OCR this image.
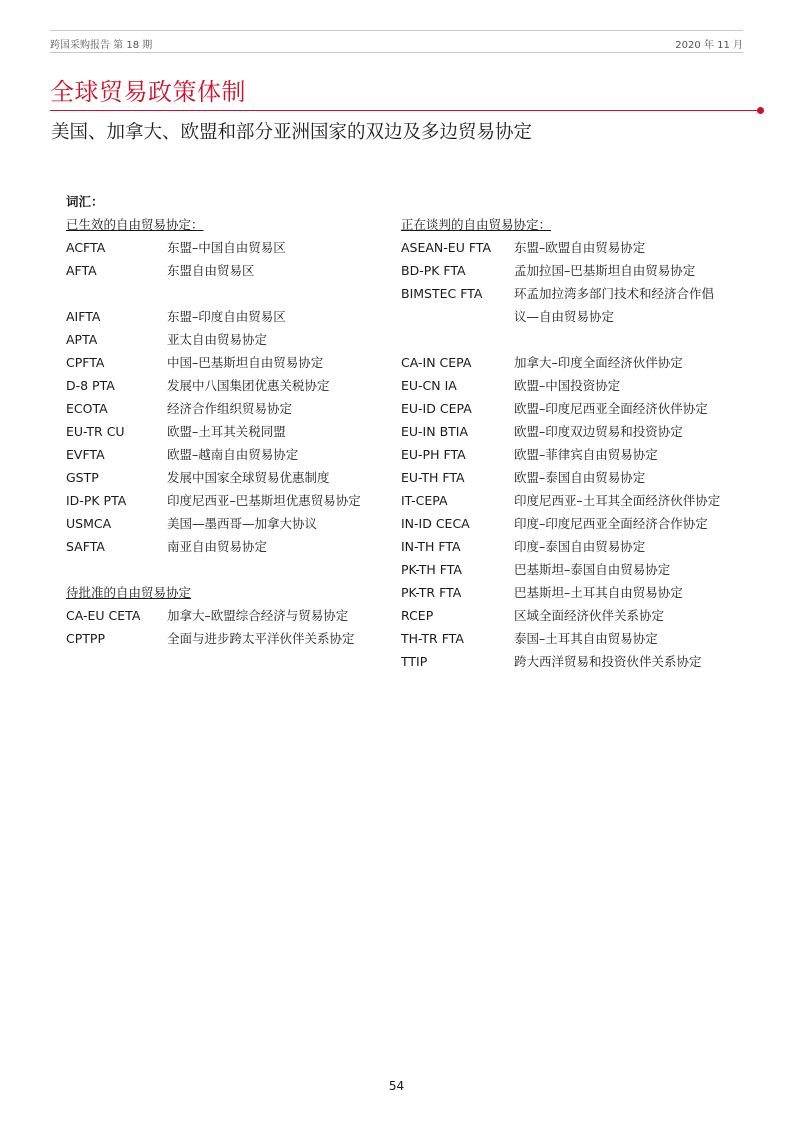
跨国采购报告 第 18 期	2020 年 11 月
全球贸易政策体制
美国、加拿大、欧盟和部分亚洲国家的双边及多边贸易协定
词汇：
已生效的自由贸易协定：
ACFTA	东盟–中国自由贸易区
AFTA	东盟自由贸易区
AIFTA	东盟–印度自由贸易区
APTA	亚太自由贸易协定
CPFTA	中国–巴基斯坦自由贸易协定
D-8 PTA	发展中八国集团优惠关税协定
ECOTA	经济合作组织贸易协定
EU-TR CU	欧盟–土耳其关税同盟
EVFTA	欧盟–越南自由贸易协定
GSTP	发展中国家全球贸易优惠制度
ID-PK PTA	印度尼西亚–巴基斯坦优惠贸易协定
USMCA	美国—墨西哥—加拿大协议
SAFTA	南亚自由贸易协定
待批准的自由贸易协定
CA-EU CETA	加拿大–欧盟综合经济与贸易协定
CPTPP	全面与进步跨太平洋伙伴关系协定
正在谈判的自由贸易协定：
ASEAN-EU FTA	东盟–欧盟自由贸易协定
BD-PK FTA	孟加拉国–巴基斯坦自由贸易协定
BIMSTEC FTA	环孟加拉湾多部门技术和经济合作倡
议—自由贸易协定
CA-IN CEPA	加拿大–印度全面经济伙伴协定
EU-CN IA	欧盟–中国投资协定
EU-ID CEPA	欧盟–印度尼西亚全面经济伙伴协定
EU-IN BTIA	欧盟–印度双边贸易和投资协定
EU-PH FTA	欧盟–菲律宾自由贸易协定
EU-TH FTA	欧盟–泰国自由贸易协定
IT-CEPA	印度尼西亚–土耳其全面经济伙伴协定
IN-ID CECA	印度–印度尼西亚全面经济合作协定
IN-TH FTA	印度–泰国自由贸易协定
PK-TH FTA	巴基斯坦–泰国自由贸易协定
PK-TR FTA	巴基斯坦–土耳其自由贸易协定
RCEP	区域全面经济伙伴关系协定
TH-TR FTA	泰国–土耳其自由贸易协定
TTIP	跨大西洋贸易和投资伙伴关系协定
54
